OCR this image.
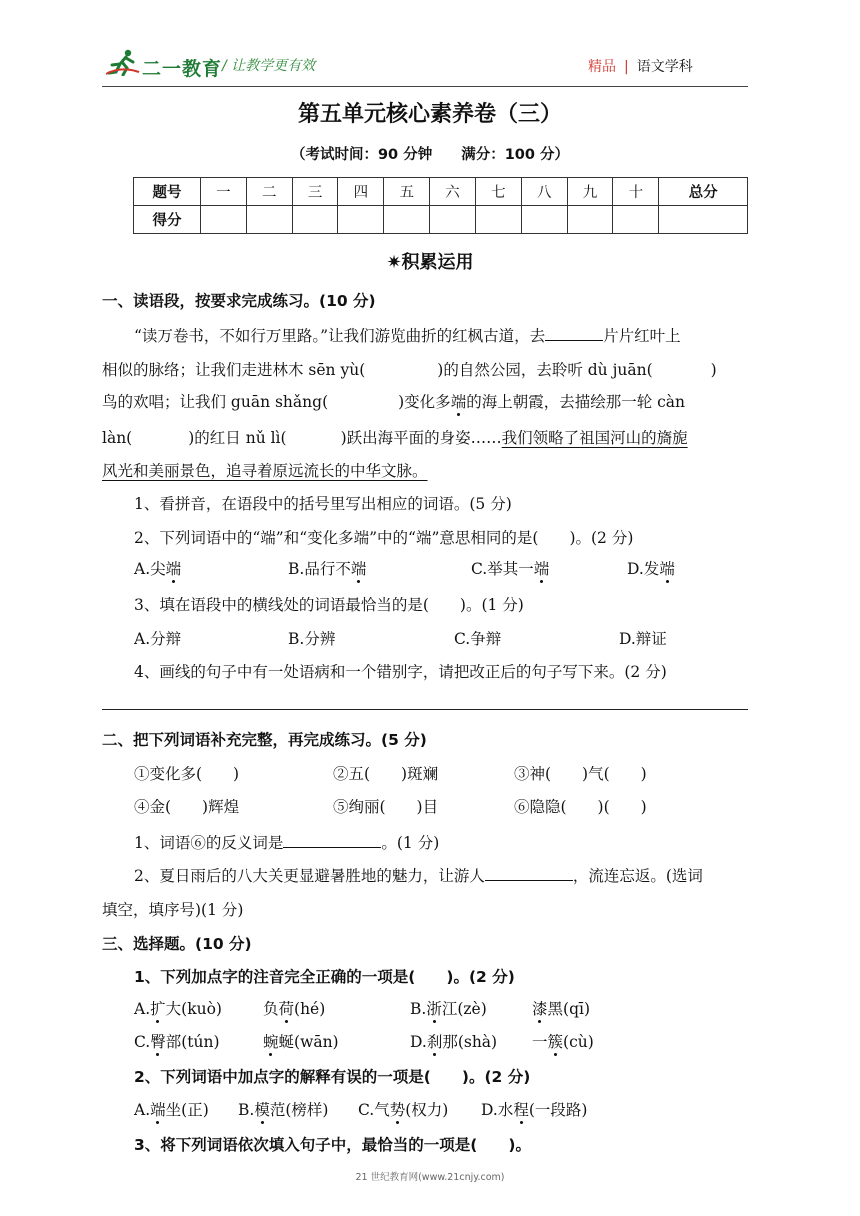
二一教育 / 让教学更有效	精品 | 语文学科
第五单元核心素养卷（三）
（考试时间：90 分钟　　满分：100 分）
题号	一	二	三	四	五	六	七	八	九	十	总分
得分											
✷积累运用
一、读语段，按要求完成练习。(10 分)
“读万卷书，不如行万里路。”让我们游览曲折的红枫古道，去	片片红叶上
相似的脉络；让我们走进林木 sēn yù(	)的自然公园，去聆听 dù juān(	)
鸟的欢唱；让我们 guān shǎng(	)变化多端的海上朝霞，去描绘那一轮 càn
làn(	)的红日 nǔ lì(	)跃出海平面的身姿……我们领略了祖国河山的旖旎
风光和美丽景色，追寻着原远流长的中华文脉。
1、看拼音，在语段中的括号里写出相应的词语。(5 分)
2、下列词语中的“端”和“变化多端”中的“端”意思相同的是(　　)。(2 分)
A.尖端	B.品行不端	C.举其一端	D.发端
3、填在语段中的横线处的词语最恰当的是(　　)。(1 分)
A.分辩	B.分辨	C.争辩	D.辩证
4、画线的句子中有一处语病和一个错别字，请把改正后的句子写下来。(2 分)
二、把下列词语补充完整，再完成练习。(5 分)
①变化多(　　)	②五(　　)斑斓	③神(　　)气(　　)
④金(　　)辉煌	⑤绚丽(　　)目	⑥隐隐(　　)(　　)
1、词语⑥的反义词是	。(1 分)
2、夏日雨后的八大关更显避暑胜地的魅力，让游人	，流连忘返。(选词
填空，填序号)(1 分)
三、选择题。(10 分)
1、下列加点字的注音完全正确的一项是(　　)。(2 分)
A.扩大(kuò)	负荷(hé)	B.浙江(zè)	漆黑(qī)
C.臀部(tún)	蜿蜒(wān)	D.刹那(shà) 一簇(cù)
2、下列词语中加点字的解释有误的一项是(　　)。(2 分)
A.端坐(正) B.模范(榜样) C.气势(权力) D.水程(一段路)
3、将下列词语依次填入句子中，最恰当的一项是(　　)。
21 世纪教育网(www.21cnjy.com)
